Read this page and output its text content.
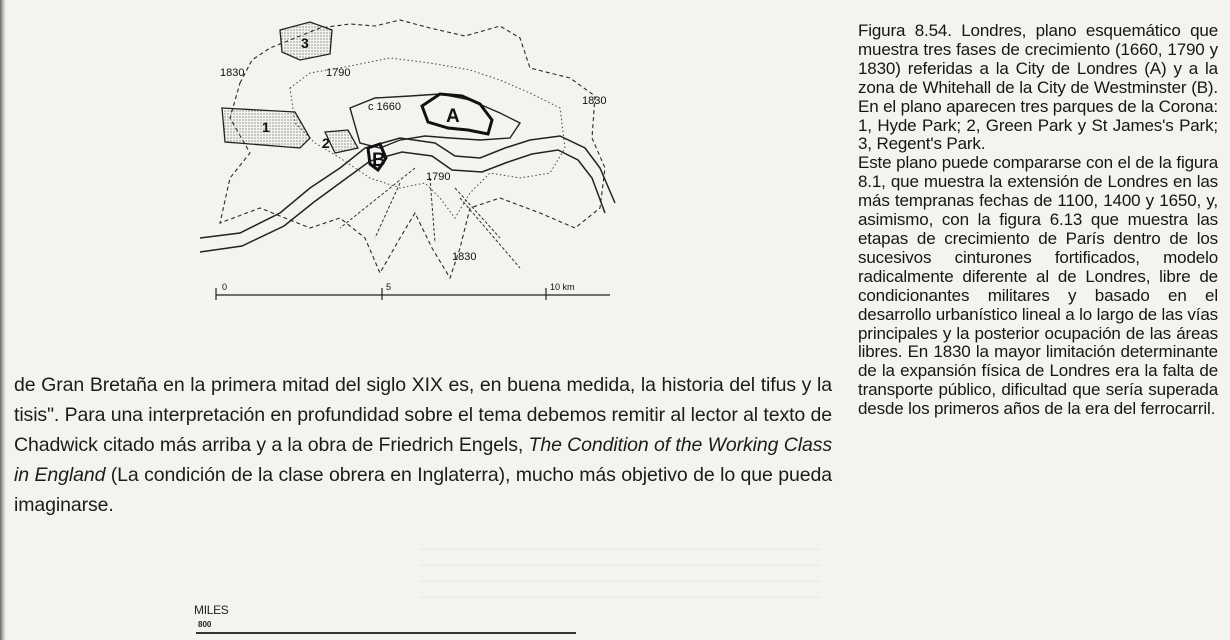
1
2
3
A
B
1830	1790
c 1660	1830
1790
1830
0	5	10 km

Figura 8.54. Londres, plano esquemático que muestra tres fases de crecimiento (1660, 1790 y 1830) referidas a la City de Londres (A) y a la zona de Whitehall de la City de Westminster (B). En el plano aparecen tres parques de la Corona: 1, Hyde Park; 2, Green Park y St James's Park; 3, Regent's Park.

Este plano puede compararse con el de la figura 8.1, que muestra la extensión de Londres en las más tempranas fechas de 1100, 1400 y 1650, y, asimismo, con la figura 6.13 que muestra las etapas de crecimiento de París dentro de los sucesivos cinturones fortificados, modelo radicalmente diferente al de Londres, libre de condicionantes militares y basado en el desarrollo urbanístico lineal a lo largo de las vías principales y la posterior ocupación de las áreas libres. En 1830 la mayor limitación determinante de la expansión física de Londres era la falta de transporte público, dificultad que sería superada desde los primeros años de la era del ferrocarril.

de Gran Bretaña en la primera mitad del siglo XIX es, en buena medida, la historia del tifus y la tisis". Para una interpretación en profundidad sobre el tema debemos remitir al lector al texto de Chadwick citado más arriba y a la obra de Friedrich Engels, The Condition of the Working Class in England (La condición de la clase obrera en Inglaterra), mucho más objetivo de lo que pueda imaginarse.

MILES
800
